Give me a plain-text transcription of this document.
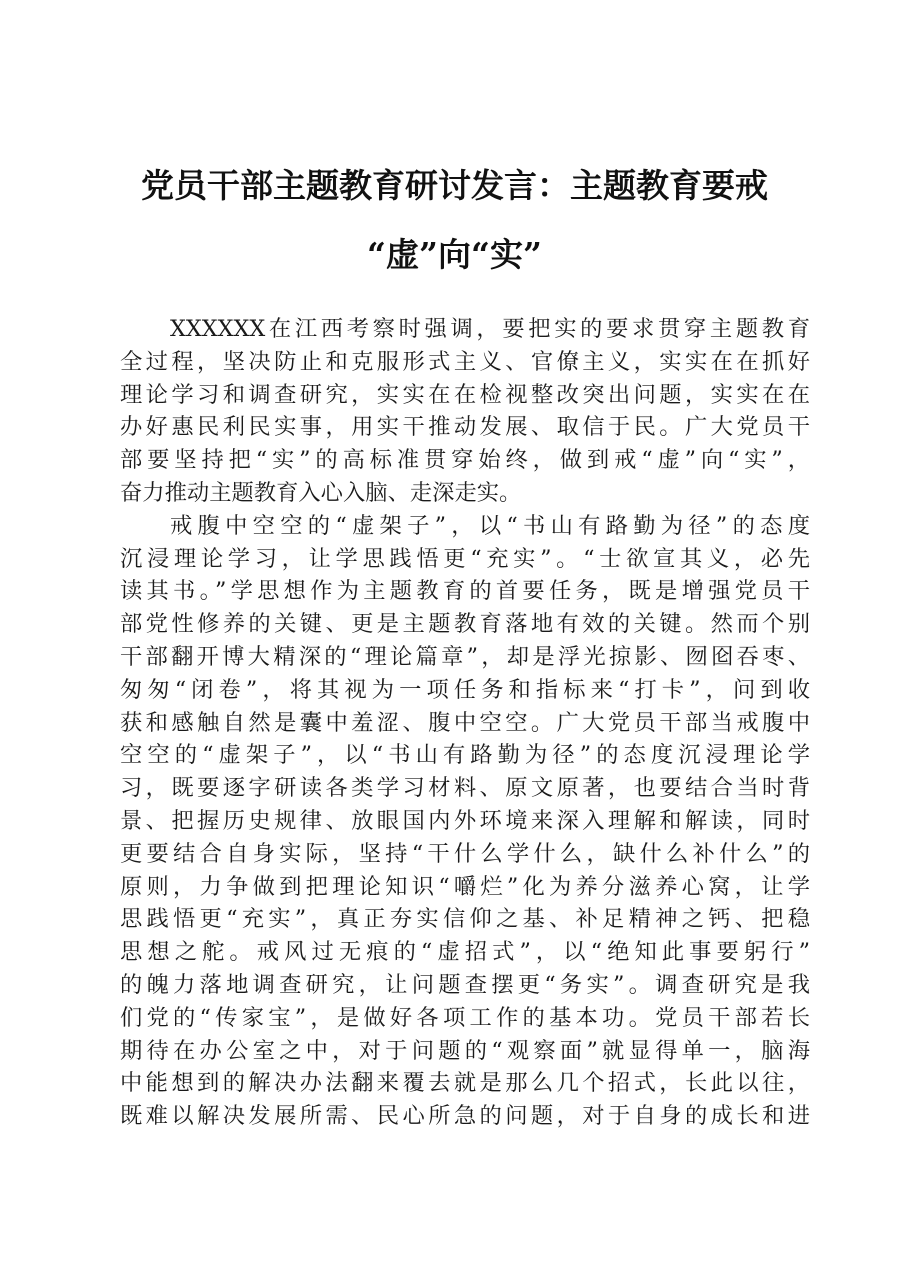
党员干部主题教育研讨发言：主题教育要戒
“虚”向“实”
XXXXXX在江西考察时强调，要把实的要求贯穿主题教育
全过程，坚决防止和克服形式主义、官僚主义，实实在在抓好
理论学习和调查研究，实实在在检视整改突出问题，实实在在
办好惠民利民实事，用实干推动发展、取信于民。广大党员干
部要坚持把“实”的高标准贯穿始终，做到戒“虚”向“实”，
奋力推动主题教育入心入脑、走深走实。
戒腹中空空的“虚架子”，以“书山有路勤为径”的态度
沉浸理论学习，让学思践悟更“充实”。“士欲宣其义，必先
读其书。”学思想作为主题教育的首要任务，既是增强党员干
部党性修养的关键、更是主题教育落地有效的关键。然而个别
干部翻开博大精深的“理论篇章”，却是浮光掠影、囫囵吞枣、
匆匆“闭卷”，将其视为一项任务和指标来“打卡”，问到收
获和感触自然是囊中羞涩、腹中空空。广大党员干部当戒腹中
空空的“虚架子”，以“书山有路勤为径”的态度沉浸理论学
习，既要逐字研读各类学习材料、原文原著，也要结合当时背
景、把握历史规律、放眼国内外环境来深入理解和解读，同时
更要结合自身实际，坚持“干什么学什么，缺什么补什么”的
原则，力争做到把理论知识“嚼烂”化为养分滋养心窝，让学
思践悟更“充实”，真正夯实信仰之基、补足精神之钙、把稳
思想之舵。戒风过无痕的“虚招式”，以“绝知此事要躬行”
的魄力落地调查研究，让问题查摆更“务实”。调查研究是我
们党的“传家宝”，是做好各项工作的基本功。党员干部若长
期待在办公室之中，对于问题的“观察面”就显得单一，脑海
中能想到的解决办法翻来覆去就是那么几个招式，长此以往，
既难以解决发展所需、民心所急的问题，对于自身的成长和进
